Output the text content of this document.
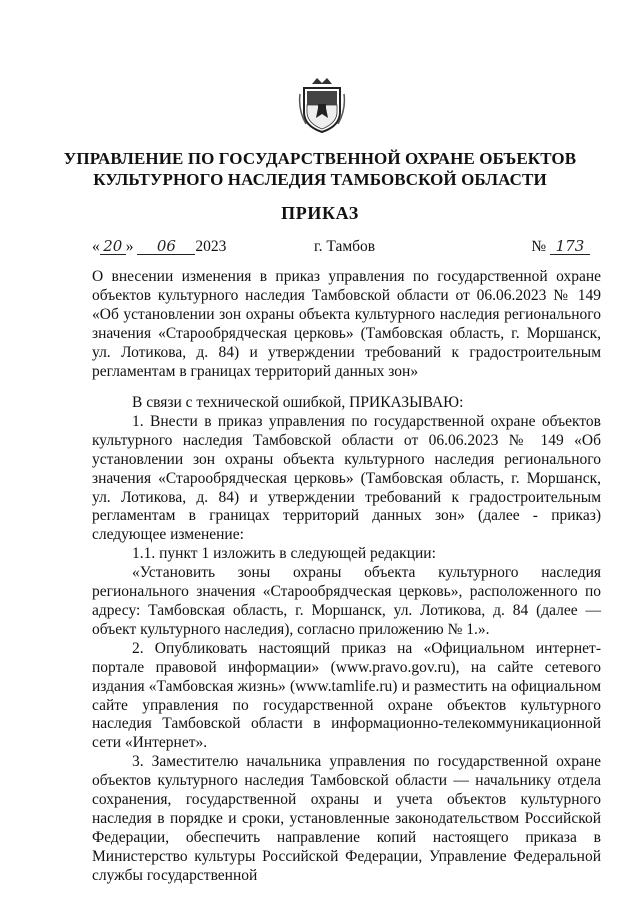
УПРАВЛЕНИЕ ПО ГОСУДАРСТВЕННОЙ ОХРАНЕ ОБЪЕКТОВ
КУЛЬТУРНОГО НАСЛЕДИЯ ТАМБОВСКОЙ ОБЛАСТИ
ПРИКАЗ
« 20 » 06 2023	г. Тамбов	№ 173

О внесении изменения в приказ управления по государственной охране объектов культурного наследия Тамбовской области от 06.06.2023 № 149 «Об установлении зон охраны объекта культурного наследия регионального значения «Старообрядческая церковь» (Тамбовская область, г. Моршанск, ул. Лотикова, д. 84) и утверждении требований к градостроительным регламентам в границах территорий данных зон»

В связи с технической ошибкой, ПРИКАЗЫВАЮ:

1. Внести в приказ управления по государственной охране объектов культурного наследия Тамбовской области от 06.06.2023 № 149 «Об установлении зон охраны объекта культурного наследия регионального значения «Старообрядческая церковь» (Тамбовская область, г. Моршанск, ул. Лотикова, д. 84) и утверждении требований к градостроительным регламентам в границах территорий данных зон» (далее - приказ) следующее изменение:

1.1. пункт 1 изложить в следующей редакции:

«Установить зоны охраны объекта культурного наследия регионального значения «Старообрядческая церковь», расположенного по адресу: Тамбовская область, г. Моршанск, ул. Лотикова, д. 84 (далее — объект культурного наследия), согласно приложению № 1.».

2. Опубликовать настоящий приказ на «Официальном интернет-портале правовой информации» (www.pravo.gov.ru), на сайте сетевого издания «Тамбовская жизнь» (www.tamlife.ru) и разместить на официальном сайте управления по государственной охране объектов культурного наследия Тамбовской области в информационно-телекоммуникационной сети «Интернет».

3. Заместителю начальника управления по государственной охране объектов культурного наследия Тамбовской области — начальнику отдела сохранения, государственной охраны и учета объектов культурного наследия в порядке и сроки, установленные законодательством Российской Федерации, обеспечить направление копий настоящего приказа в Министерство культуры Российской Федерации, Управление Федеральной службы государственной
